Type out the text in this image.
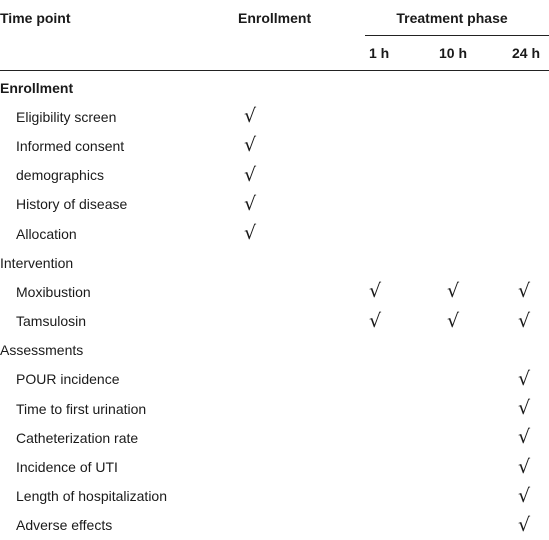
Time point	Enrollment	Treatment phase		

		1 h	10 h	24 h
Enrollment				
Eligibility screen	√			
Informed consent	√			
demographics	√			
History of disease	√			
Allocation	√			
Intervention				
Moxibustion		√	√	√
Tamsulosin		√	√	√
Assessments				
POUR incidence				√
Time to first urination				√
Catheterization rate				√
Incidence of UTI				√
Length of hospitalization				√
Adverse effects				√
